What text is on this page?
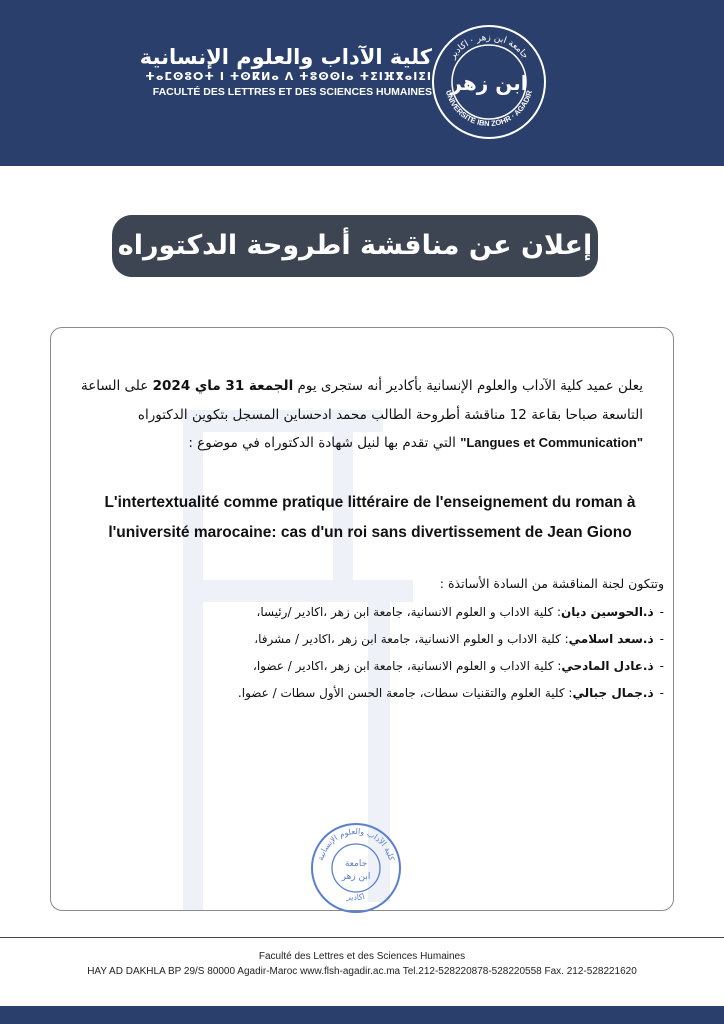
كلية الآداب والعلوم الإنسانية
ⵜⴰⵎⵙⵓⵔⵜ ⵏ ⵜⵙⴽⵍⴰ ⴷ ⵜⵓⵙⵙⵏⴰ ⵜⵉⵏⴼⴳⴰⵏⵉⵏ
FACULTÉ DES LETTRES ET DES SCIENCES HUMAINES
جامعة ابن زهر · اكادير
UNIVERSITÉ IBN ZOHR · AGADIR
ابن زهر
إعلان عن مناقشة أطروحة الدكتوراه

يعلن عميد كلية الآداب والعلوم الإنسانية بأكادير أنه ستجرى يوم الجمعة 31 ماي 2024 على الساعة

التاسعة صباحا بقاعة 12 مناقشة أطروحة الطالب محمد ادحساين المسجل بتكوين الدكتوراه

"Langues et Communication" التي تقدم بها لنيل شهادة الدكتوراه في موضوع :

L'intertextualité comme pratique littéraire de l'enseignement du roman à

l'université marocaine: cas d'un roi sans divertissement de Jean Giono

وتتكون لجنة المناقشة من السادة الأساتذة :

-ذ.الحوسين ديان: كلية الاداب و العلوم الانسانية، جامعة ابن زهر ،اكادير /رئيسا،
-ذ.سعد اسلامي: كلية الاداب و العلوم الانسانية، جامعة ابن زهر ،اكادير / مشرفا،
-ذ.عادل المادحي: كلية الاداب و العلوم الانسانية، جامعة ابن زهر ،اكادير / عضوا،
-ذ.جمال جبالي: كلية العلوم والتقنيات سطات، جامعة الحسن الأول سطات / عضوا.
كلية الآداب والعلوم الإنسانية
اكادير
جامعة
ابن زهر

Faculté des Lettres et des Sciences Humaines

HAY AD DAKHLA BP 29/S 80000 Agadir-Maroc www.flsh-agadir.ac.ma Tel.212-528220878-528220558 Fax. 212-528221620
